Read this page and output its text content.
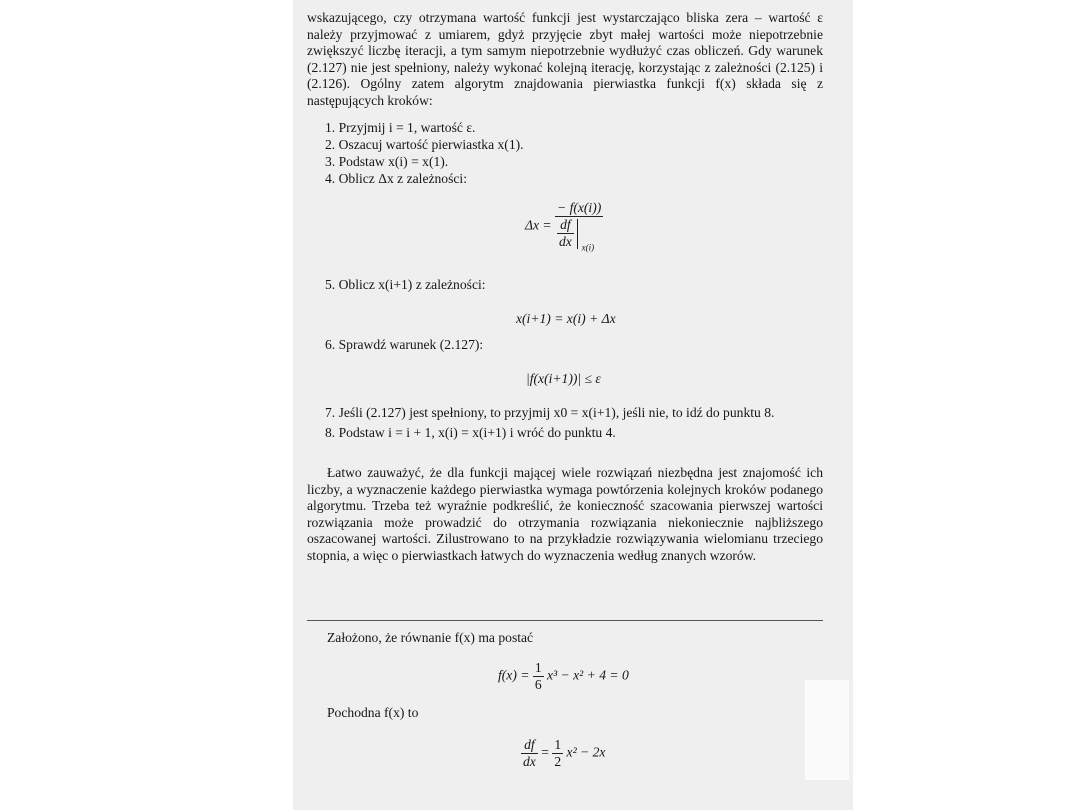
wskazującego, czy otrzymana wartość funkcji jest wystarczająco bliska zera – wartość ε należy przyjmować z umiarem, gdyż przyjęcie zbyt małej wartości może niepotrzebnie zwiększyć liczbę iteracji, a tym samym niepotrzebnie wydłużyć czas obliczeń. Gdy warunek (2.127) nie jest spełniony, należy wykonać kolejną iterację, korzystając z zależności (2.125) i (2.126). Ogólny zatem algorytm znajdowania pierwiastka funkcji f(x) składa się z następujących kroków:

1. Przyjmij i = 1, wartość ε.
2. Oszacuj wartość pierwiastka x(1).
3. Podstaw x(i) = x(1).
4. Oblicz Δx z zależności:
$\Delta x = \frac{- f(x(i))}{\frac{df}{dx} _{x(i)}}$
5. Oblicz x(i+1) z zależności:
x(i+1) = x(i) + Δx
6. Sprawdź warunek (2.127):
|f(x(i+1))| ≤ ε
7. Jeśli (2.127) jest spełniony, to przyjmij x0 = x(i+1), jeśli nie, to idź do punktu 8.
8. Podstaw i = i + 1, x(i) = x(i+1) i wróć do punktu 4.

Łatwo zauważyć, że dla funkcji mającej wiele rozwiązań niezbędna jest znajomość ich liczby, a wyznaczenie każdego pierwiastka wymaga powtórzenia kolejnych kroków podanego algorytmu. Trzeba też wyraźnie podkreślić, że konieczność szacowania pierwszej wartości rozwiązania może prowadzić do otrzymania rozwiązania niekoniecznie najbliższego oszacowanej wartości. Zilustrowano to na przykładzie rozwiązywania wielomianu trzeciego stopnia, a więc o pierwiastkach łatwych do wyznaczenia według znanych wzorów.

Założono, że równanie f(x) ma postać
$f(x) = \frac{1}{6} x^3 - x^2 + 4 = 0$
Pochodna f(x) to
$\frac{df}{dx} = \frac{1}{2} x^2 - 2x$
